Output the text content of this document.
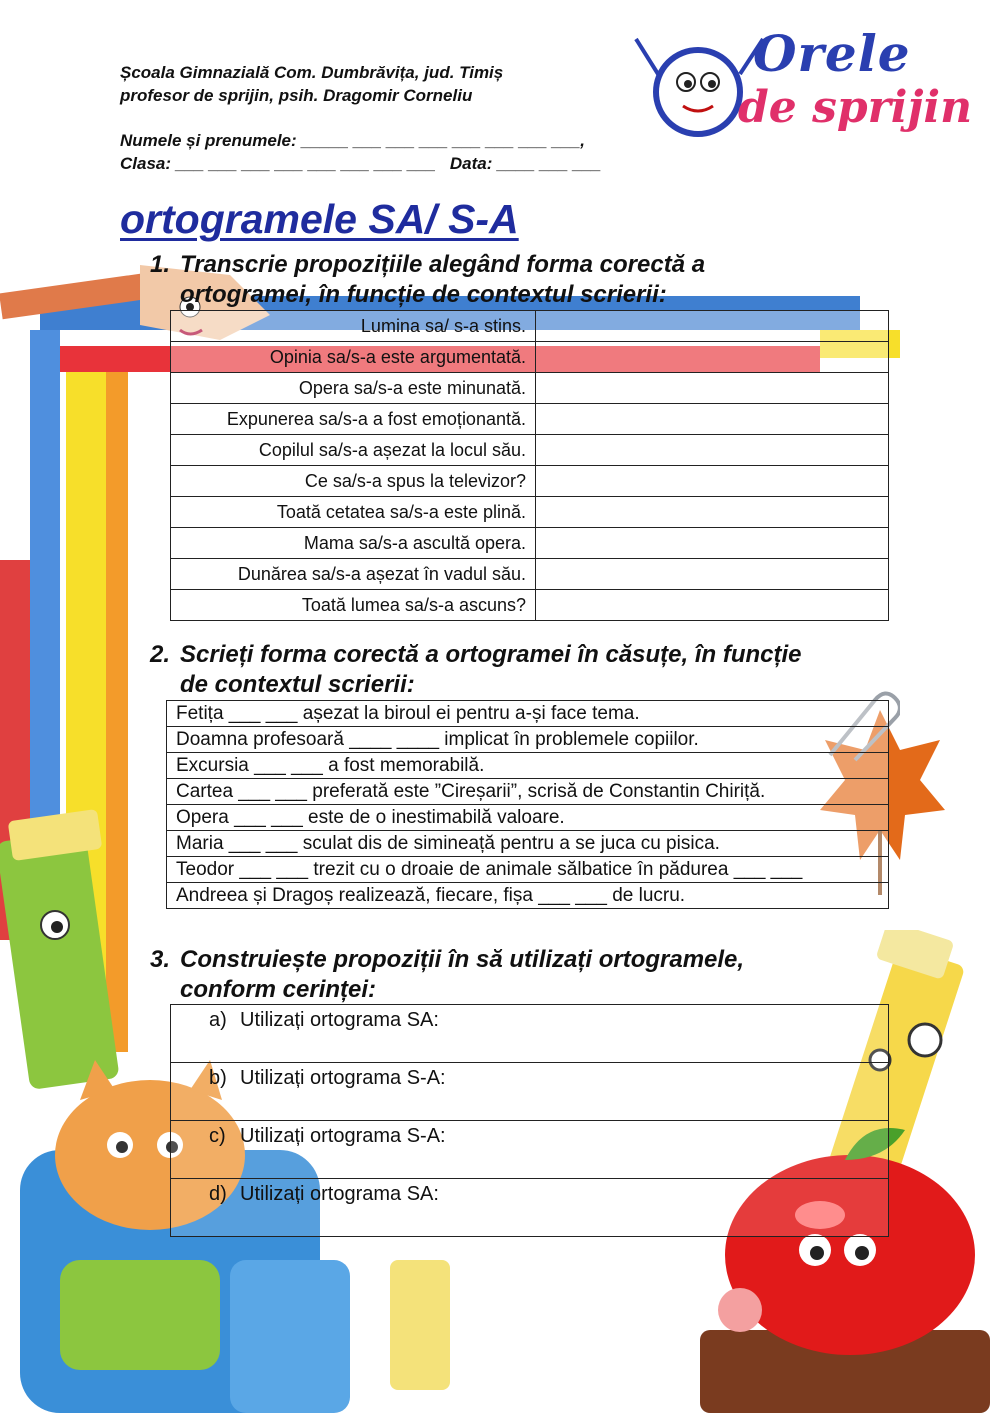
Orele
de sprijin
Școala Gimnazială Com. Dumbrăvița, jud. Timiș
profesor de sprijin, psih. Dragomir Corneliu
Numele și prenumele: _____ ___ ___ ___ ___ ___ ___ ___,
Clasa: ___ ___ ___ ___ ___ ___ ___ ___   Data: ____ ___ ___
ortogramele SA/ S-A
1. Transcrie propozițiile alegând forma corectă a
ortogramei, în funcție de contextul scrierii:
Lumina sa/ s-a stins.	
Opinia sa/s-a este argumentată.	
Opera sa/s-a este minunată.	
Expunerea sa/s-a a fost emoționantă.	
Copilul sa/s-a așezat la locul său.	
Ce sa/s-a spus la televizor?	
Toată cetatea sa/s-a este plină.	
Mama sa/s-a ascultă opera.	
Dunărea sa/s-a așezat în vadul său.	
Toată lumea sa/s-a ascuns?	
2. Scrieți forma corectă a ortogramei în căsuțe, în funcție
de contextul scrierii:
Fetița ___ ___ așezat la biroul ei pentru a-și face tema.
Doamna profesoară ____ ____ implicat în problemele copiilor.
Excursia ___ ___ a fost memorabilă.
Cartea ___ ___ preferată este ”Cireșarii”, scrisă de Constantin Chiriță.
Opera ___ ___ este de o inestimabilă valoare.
Maria ___ ___ sculat dis de simineață pentru a se juca cu pisica.
Teodor ___ ___ trezit cu o droaie de animale sălbatice în pădurea ___ ___
Andreea și Dragoș realizează, fiecare, fișa ___ ___ de lucru.
3. Construiește propoziții în să utilizați ortogramele,
conform cerinței:
a) Utilizați ortograma SA:
b) Utilizați ortograma S-A:
c) Utilizați ortograma S-A:
d) Utilizați ortograma SA:
